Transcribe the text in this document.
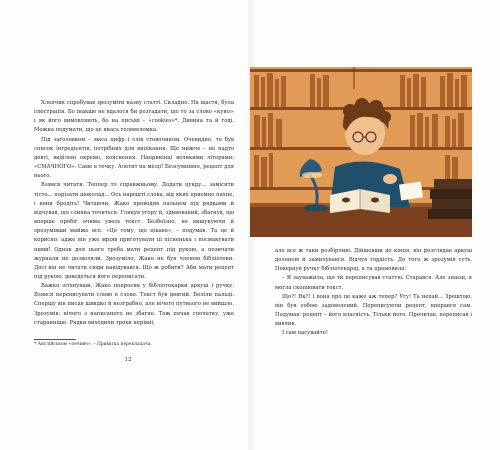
Хлопчик спробував зрозуміти назву статті. Складно. На щастя, була ілюстрація. Бо інакше не вдалося би розгадати, що то за слово «куюз» і як його вимовляють, бо на письмі – «cookies»*. Дивина та й годі. Можна подумати, що це якась головоломка.

Під заголовком – маса цифр і слів стовпчиком. Очевидно, то був список інгредієнтів, потрібних для випікання. Ще нижче – не надто довгі, виділені окремо, пояснення. Наприкінці великими літерами: «СМАЧНОГО». Саме в точку. Алетит на місці! Безсумнівно, рецепт для нього.

Взявся читати. Теппер то справжньому. Додати цукру... замісити тісто... порізати шоколад... Ось нарешті слова, від яких приємно пахне, і вони бродіть! Читаючи, Жако проводив пальцем під рядками й відчував, що слинка точиться. Глянув угору й, здивований, збагнув, що вперше пробіг очима увесь текст. Безбоїзно, не вишукуючи й зрозумівши майже все. «Це тому, що цікаво», – подумав. Та це й корисно: адже він уже мріяв приготувати ці пісненька і посмакувати ними! Однак для цього треба мати рецепт під рукою, а позичати журнали не дозволяли. Зрозуміло, Жако не був членом бібліотеки. Досі він не читати сюди навідувався. Що ж робити? Аби мати рецепт під рукою, доведеться його переписати.

Важко зітхнувши, Жако попросив у бібліотекарки аркуш і ручку. Взявся переписувати слово в слово. Текст був довгий. Боліли пальці. Спершу він писав швидко й незграбно, але нічого путнього не вийшло. Зрозумів: нічого з написаного не збагне. Тож почав спочатку, уже старанніше. Рядки виходили трохи нерівні,

* Англійською «печиво». – Примітка перекладача.
12

але все ж таки розбірливі. Дійшовши до кінця, він розглядав аркуш долонею й замилувався. Відчув гордість. До того ж зрозумів суть. Повернув ручку бібліотекарці, а та промовила:

– Я зауважила, що ти переписував статтю. Старався. Але знаєш, я могла скопіювати текст.

Що?! Як?! І вона про це каже аж тепер? Угу! Та нехай... Зрештою, він був собою задоволений. Переписуючи рецепт, впорався сам. Подумав: рецепт – його власність. Тільки його. Прочитав, переписав і вивчив.

І сам пасувайте!
